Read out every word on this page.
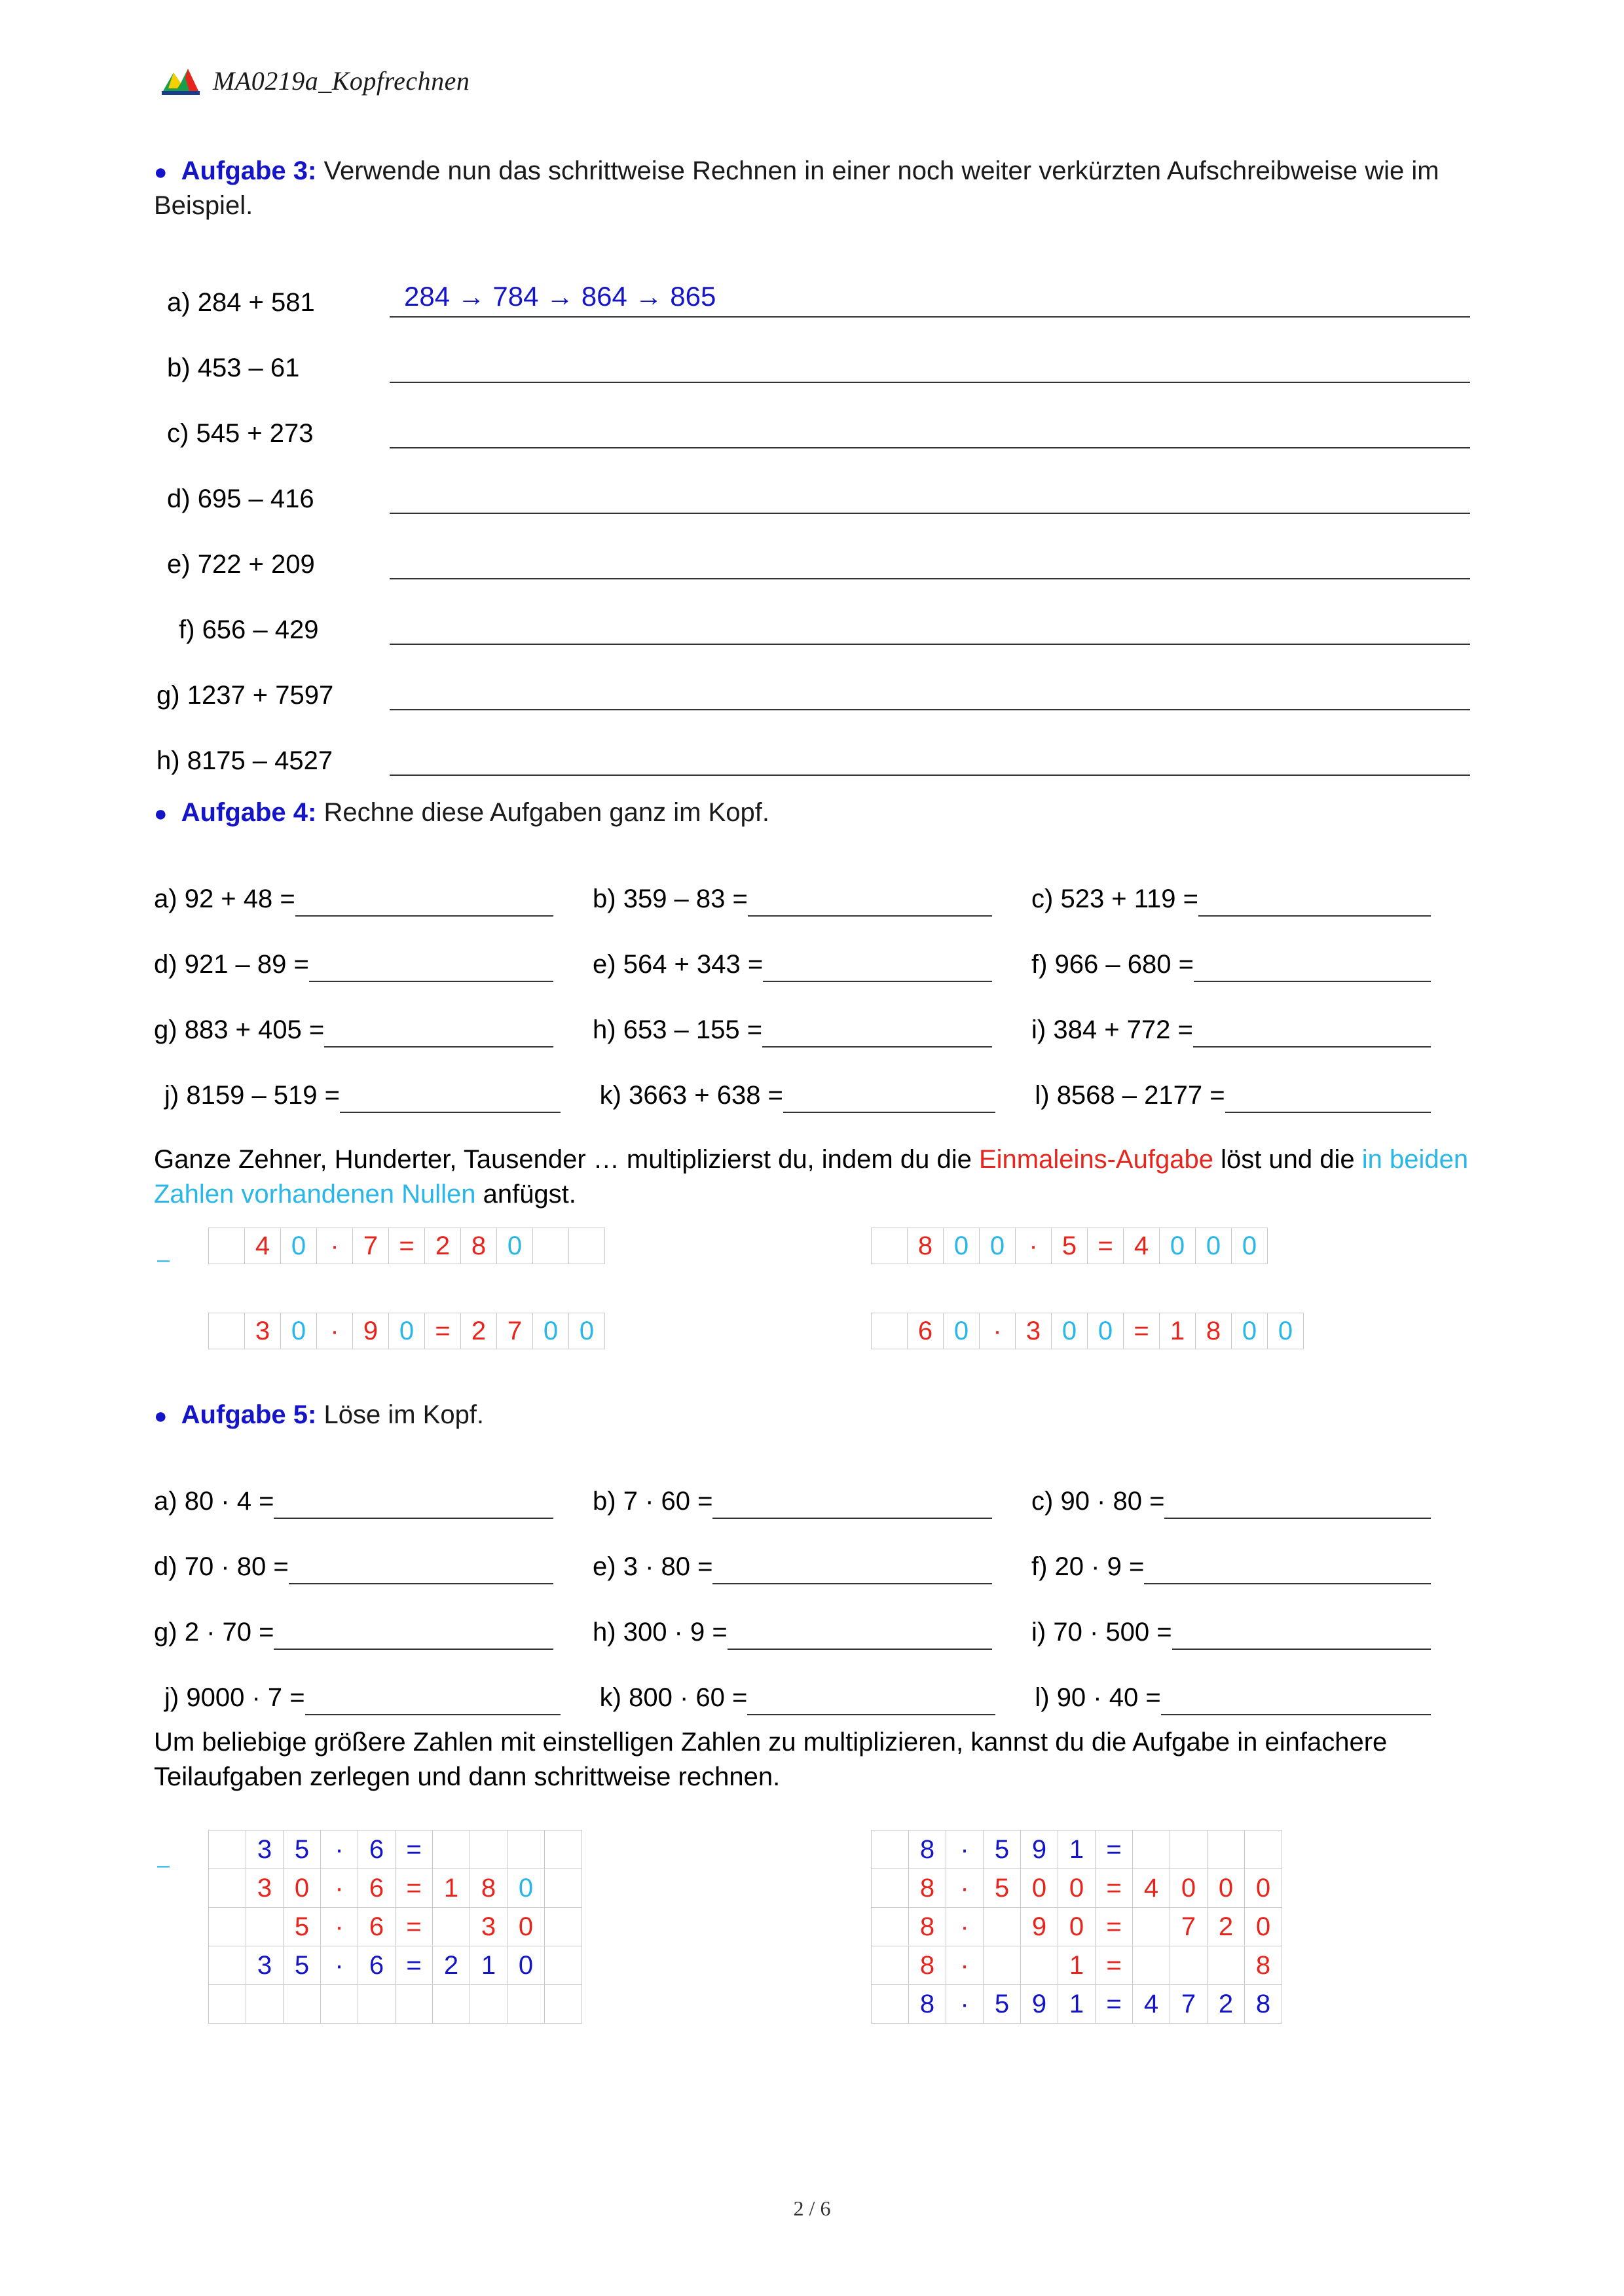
MA0219a_Kopfrechnen
● Aufgabe 3: Verwende nun das schrittweise Rechnen in einer noch weiter verkürzten Aufschreibweise wie im Beispiel.
a) 284 + 581	284 → 784 → 864 → 865
b) 453 – 61
c) 545 + 273
d) 695 – 416
e) 722 + 209
f) 656 – 429
g) 1237 + 7597
h) 8175 – 4527
● Aufgabe 4: Rechne diese Aufgaben ganz im Kopf.
a) 92 + 48 =	b) 359 – 83 =	c) 523 + 119 =
d) 921 – 89 =	e) 564 + 343 =	f) 966 – 680 =
g) 883 + 405 =	h) 653 – 155 =	i) 384 + 772 =
j) 8159 – 519 =	k) 3663 + 638 =	l) 8568 – 2177 =
Ganze Zehner, Hunderter, Tausender … multiplizierst du, indem du die Einmaleins-Aufgabe löst und die in beiden Zahlen vorhandenen Nullen anfügst.
–
		4	0	·	7	=	2	8	0		
		8	0	0	·	5	=	4	0	0	0
	3	0	·	9	0	=	2	7	0	0
		6	0	·	3	0	0	=	1	8	0	0
● Aufgabe 5: Löse im Kopf.
a) 80 · 4 =	b) 7 · 60 =	c) 90 · 80 =
d) 70 · 80 =	e) 3 · 80 =	f) 20 · 9 =
g) 2 · 70 =	h) 300 · 9 =	i) 70 · 500 =
j) 9000 · 7 =	k) 800 · 60 =	l) 90 · 40 =
Um beliebige größere Zahlen mit einstelligen Zahlen zu multiplizieren, kannst du die Aufgabe in einfachere Teilaufgaben zerlegen und dann schrittweise rechnen.
–
	3	5	·	6	=				
	3	0	·	6	=	1	8	0	
		5	·	6	=		3	0	
	3	5	·	6	=	2	1	0	

	8	·	5	9	1	=				
	8	·	5	0	0	=	4	0	0	0
	8	·		9	0	=		7	2	0
	8	·			1	=				8
	8	·	5	9	1	=	4	7	2	8
2 / 6
